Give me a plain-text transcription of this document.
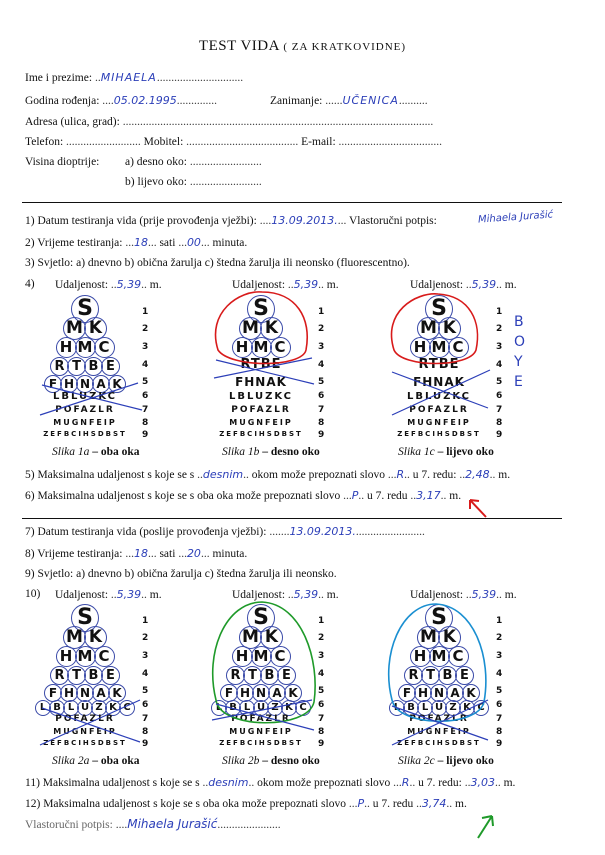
TEST VIDA ( ZA KRATKOVIDNE)
Ime i prezime: ..MIHAELA..............................
Godina rođenja: ....05.02.1995..............	Zanimanje: ......UČENICA..........
Adresa (ulica, grad): ............................................................................................................
Telefon: .......................... Mobitel: ....................................... E-mail: ....................................
Visina dioptrije: a) desno oko: .........................
b) lijevo oko: .........................
1) Datum testiranja vida (prije provođenja vježbi): ....13.09.2013.... Vlastoručni potpis:	Mihaela Jurašić
2) Vrijeme testiranja: ...18... sati ...00... minuta.
3) Svjetlo: a) dnevno b) obična žarulja c) štedna žarulja ili neonsko (fluorescentno).
4) Udaljenost: ..5,39.. m.	Udaljenost: ..5,39.. m.	Udaljenost: ..5,39.. m.
S	1
M K	2
H M C	3
R T B E	4
F H N A K	5
LBLUZKC	6
POFAZLR	7
MUGNFEIP	8
ZEFBCIHSDBST	9
S	1
M K	2
H M C	3
RTBE	4
FHNAK	5
LBLUZKC	6
POFAZLR	7
MUGNFEIP	8
ZEFBCIHSDBST	9
S	1
M K	2
H M C	3
RTBE	4
FHNAK	5
LBLUZKC	6
POFAZLR	7
MUGNFEIP	8
ZEFBCIHSDBST	9
Slika 1a – oba oka	Slika 1b – desno oko	Slika 1c – lijevo oko
B
O
Y
E
5) Maksimalna udaljenost s koje se s ..desnim.. okom može prepoznati slovo ...R.. u 7. redu: ..2,48.. m.
6) Maksimalna udaljenost s koje se s oba oka može prepoznati slovo ...P.. u 7. redu ..3,17.. m.
7) Datum testiranja vida (poslije provođenja vježbi): .......13.09.2013.........................
8) Vrijeme testiranja: ...18... sati ...20... minuta.
9) Svjetlo: a) dnevno b) obična žarulja c) štedna žarulja ili neonsko.
10) Udaljenost: ..5,39.. m.	Udaljenost: ..5,39.. m.	Udaljenost: ..5,39.. m.
S	1
M K	2
H M C	3
R T B E	4
F H N A K	5
L B L U Z K C	6
POFAZLR	7
MUGNFEIP	8
ZEFBCIHSDBST	9
S	1
M K	2
H M C	3
R T B E	4
F H N A K	5
L B L U Z K C	6
POFAZLR	7
MUGNFEIP	8
ZEFBCIHSDBST	9
S	1
M K	2
H M C	3
R T B E	4
F H N A K	5
L B L U Z K C	6
POFAZLR	7
MUGNFEIP	8
ZEFBCIHSDBST	9
Slika 2a – oba oka	Slika 2b – desno oko	Slika 2c – lijevo oko
11) Maksimalna udaljenost s koje se s ..desnim.. okom može prepoznati slovo ...R.. u 7. redu: ..3,03.. m.
12) Maksimalna udaljenost s koje se s oba oka može prepoznati slovo ...P.. u 7. redu ..3,74.. m.
Vlastoručni potpis: ....Mihaela Jurašić......................
